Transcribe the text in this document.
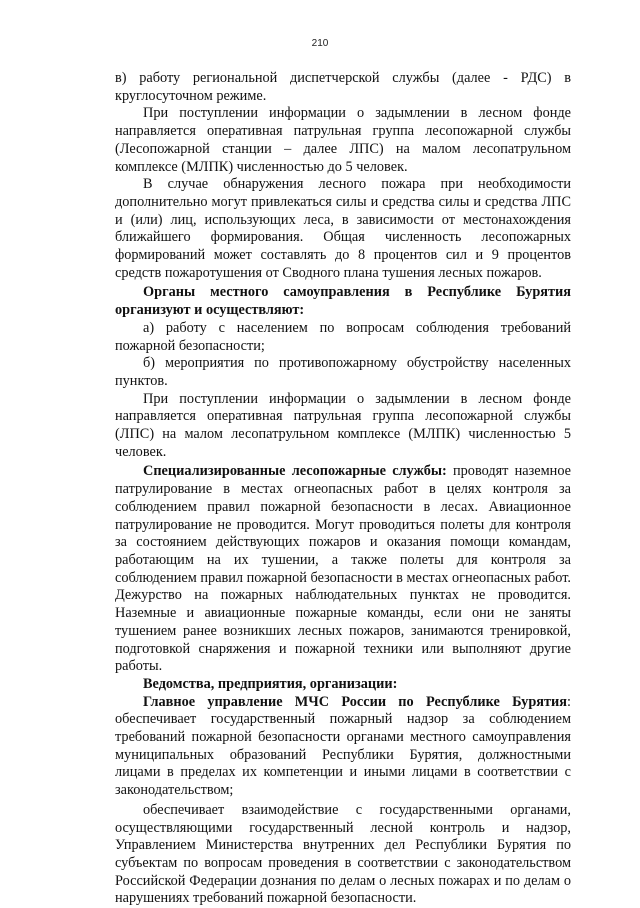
210

в) работу региональной диспетчерской службы (далее - РДС) в круглосуточном режиме.

При поступлении информации о задымлении в лесном фонде направляется оперативная патрульная группа лесопожарной службы (Лесопожарной станции – далее ЛПС) на малом лесопатрульном комплексе (МЛПК) численностью до 5 человек.

В случае обнаружения лесного пожара при необходимости дополнительно могут привлекаться силы и средства силы и средства ЛПС и (или) лиц, использующих леса, в зависимости от местонахождения ближайшего формирования. Общая численность лесопожарных формирований может составлять до 8 процентов сил и 9 процентов средств пожаротушения от Сводного плана тушения лесных пожаров.

Органы местного самоуправления в Республике Бурятия организуют и осуществляют:

а) работу с населением по вопросам соблюдения требований пожарной безопасности;

б) мероприятия по противопожарному обустройству населенных пунктов.

При поступлении информации о задымлении в лесном фонде направляется оперативная патрульная группа лесопожарной службы (ЛПС) на малом лесопатрульном комплексе (МЛПК) численностью 5 человек.

Специализированные лесопожарные службы: проводят наземное патрулирование в местах огнеопасных работ в целях контроля за соблюдением правил пожарной безопасности в лесах. Авиационное патрулирование не проводится. Могут проводиться полеты для контроля за состоянием действующих пожаров и оказания помощи командам, работающим на их тушении, а также полеты для контроля за соблюдением правил пожарной безопасности в местах огнеопасных работ. Дежурство на пожарных наблюдательных пунктах не проводится. Наземные и авиационные пожарные команды, если они не заняты тушением ранее возникших лесных пожаров, занимаются тренировкой, подготовкой снаряжения и пожарной техники или выполняют другие работы.

Ведомства, предприятия, организации:

Главное управление МЧС России по Республике Бурятия: обеспечивает государственный пожарный надзор за соблюдением требований пожарной безопасности органами местного самоуправления муниципальных образований Республики Бурятия, должностными лицами в пределах их компетенции и иными лицами в соответствии с законодательством;

обеспечивает взаимодействие с государственными органами, осуществляющими государственный лесной контроль и надзор, Управлением Министерства внутренних дел Республики Бурятия по субъектам по вопросам проведения в соответствии с законодательством Российской Федерации дознания по делам о лесных пожарах и по делам о нарушениях требований пожарной безопасности.
